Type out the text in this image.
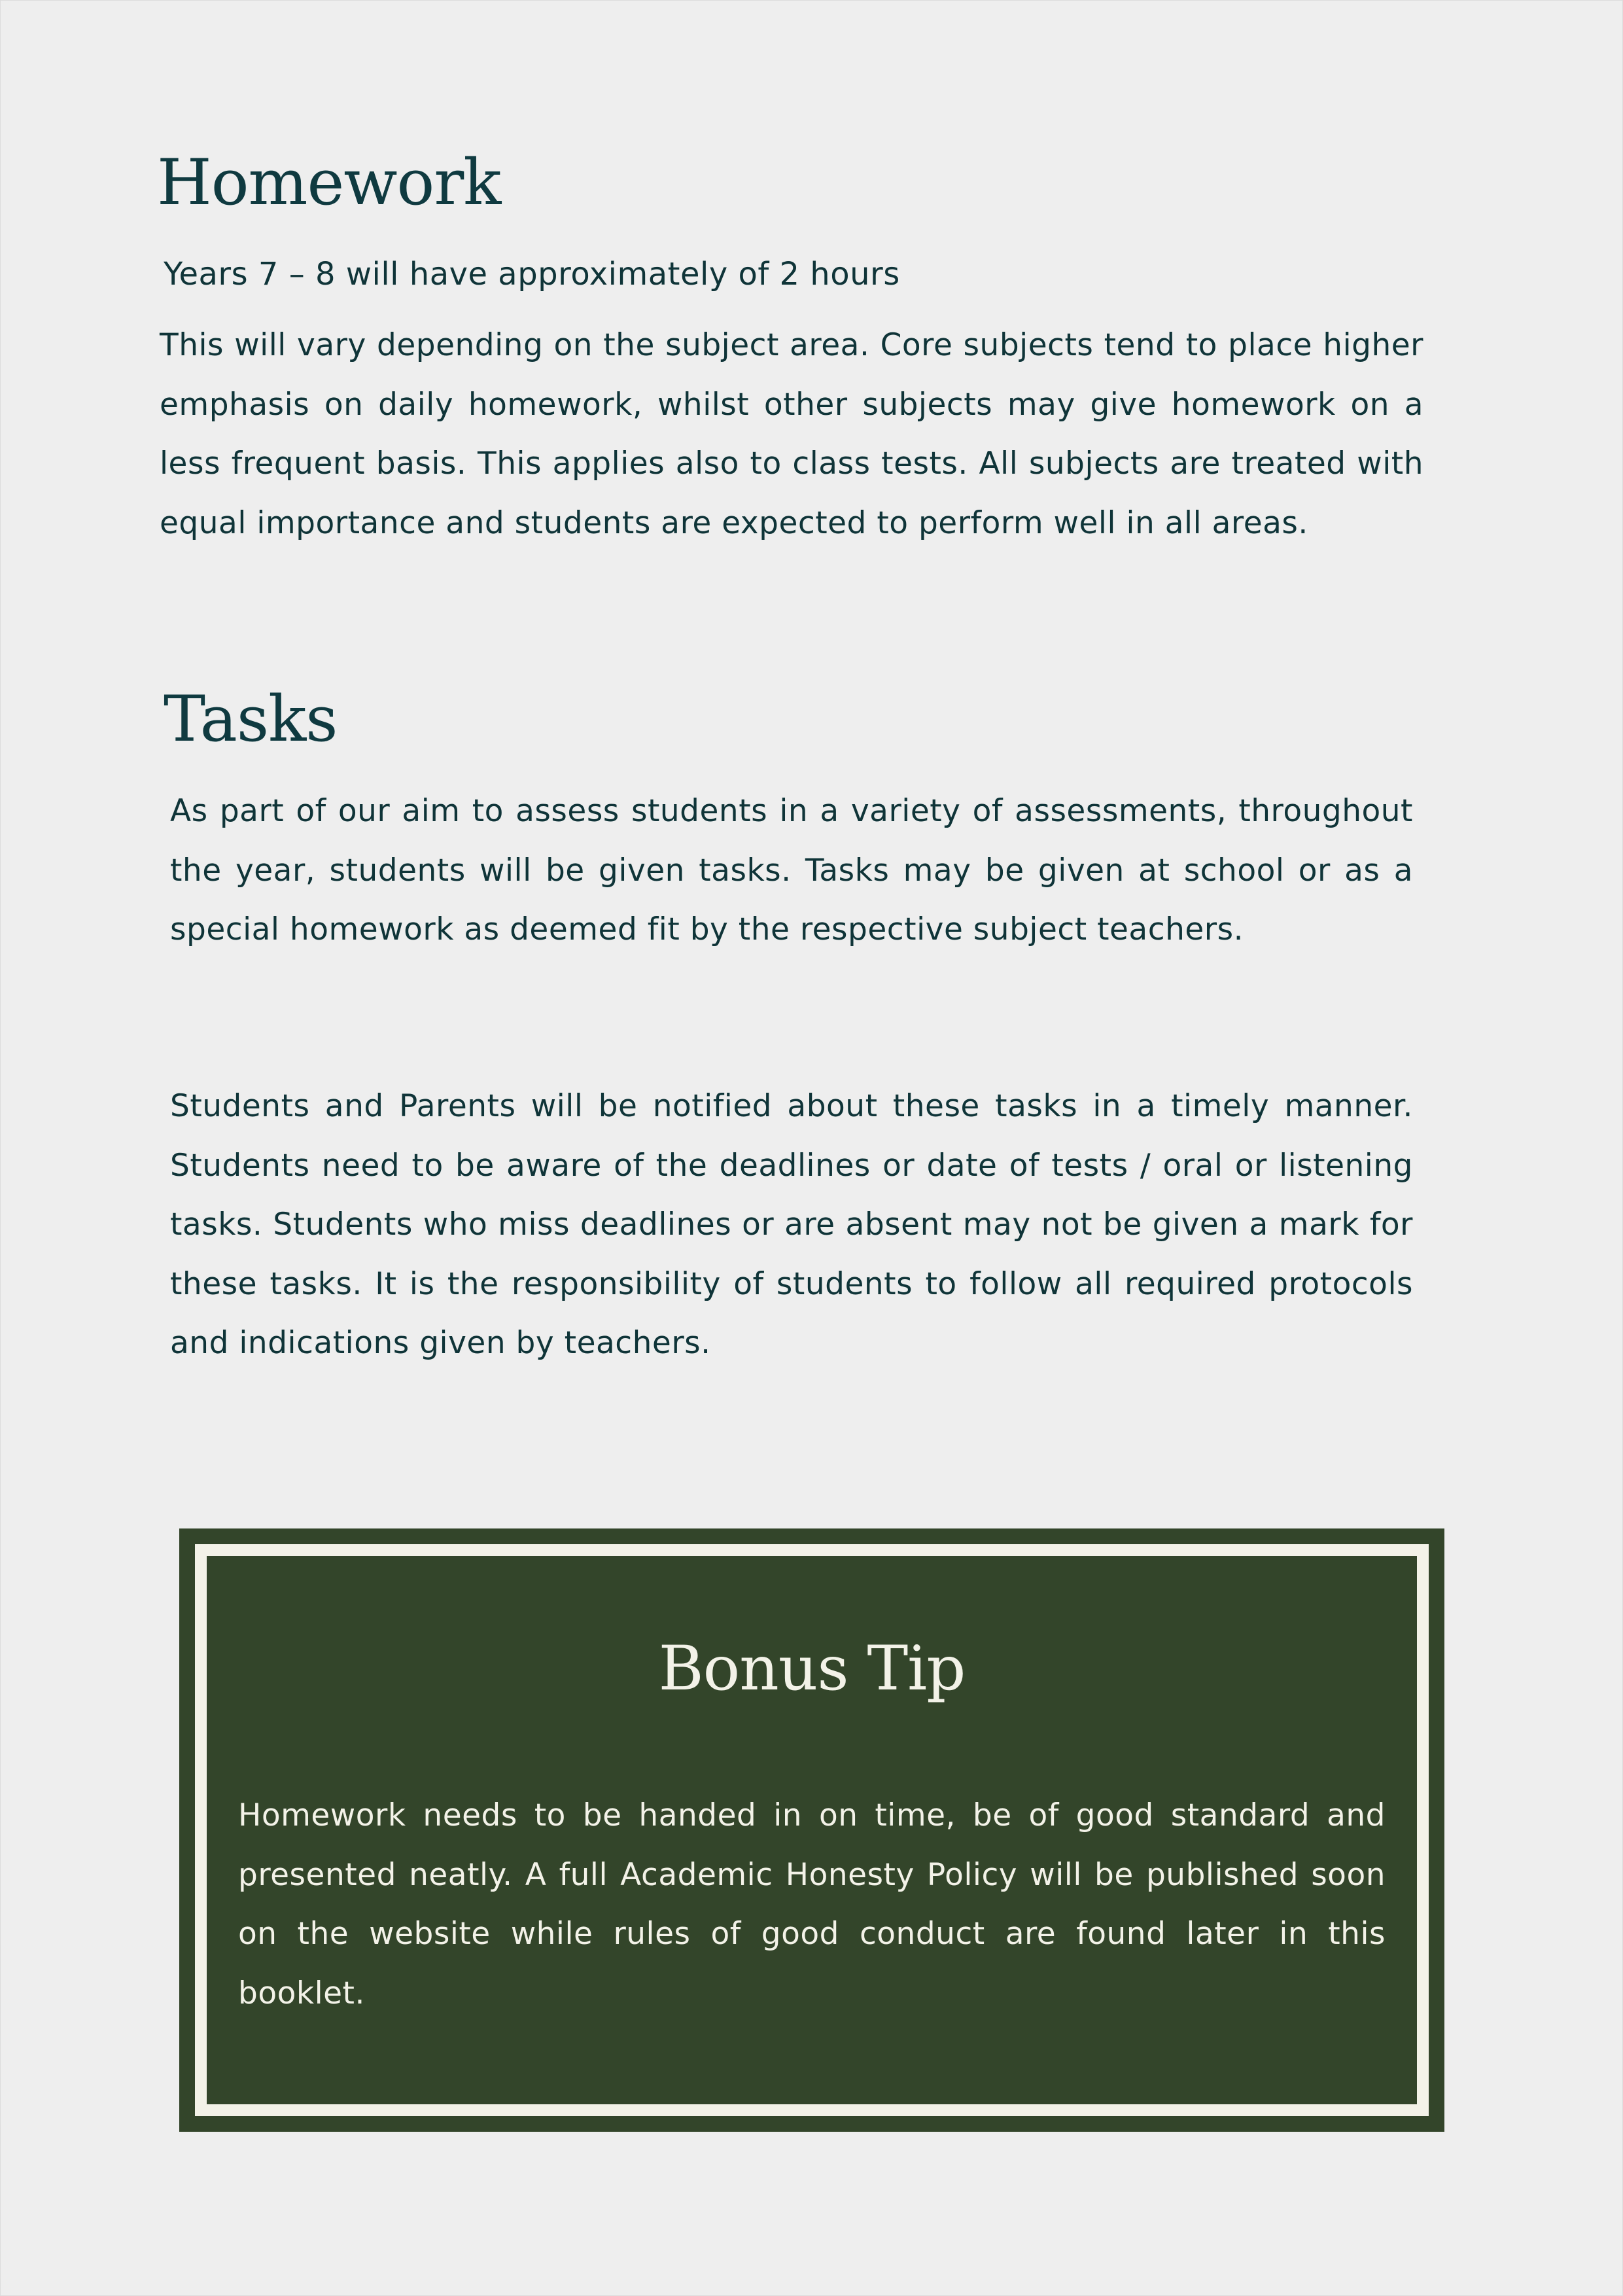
Homework
Years 7 – 8 will have approximately of 2 hours

This will vary depending on the subject area. Core subjects tend to place higher emphasis on daily homework, whilst other subjects may give homework on a less frequent basis. This applies also to class tests. All subjects are treated with equal importance and students are expected to perform well in all areas.

Tasks

As part of our aim to assess students in a variety of assessments, throughout the year, students will be given tasks. Tasks may be given at school or as a special homework as deemed fit by the respective subject teachers.

Students and Parents will be notified about these tasks in a timely manner. Students need to be aware of the deadlines or date of tests / oral or listening tasks. Students who miss deadlines or are absent may not be given a mark for these tasks. It is the responsibility of students to follow all required protocols and indications given by teachers.

Bonus Tip

Homework needs to be handed in on time, be of good standard and presented neatly. A full Academic Honesty Policy will be published soon on the website while rules of good conduct are found later in this booklet.
